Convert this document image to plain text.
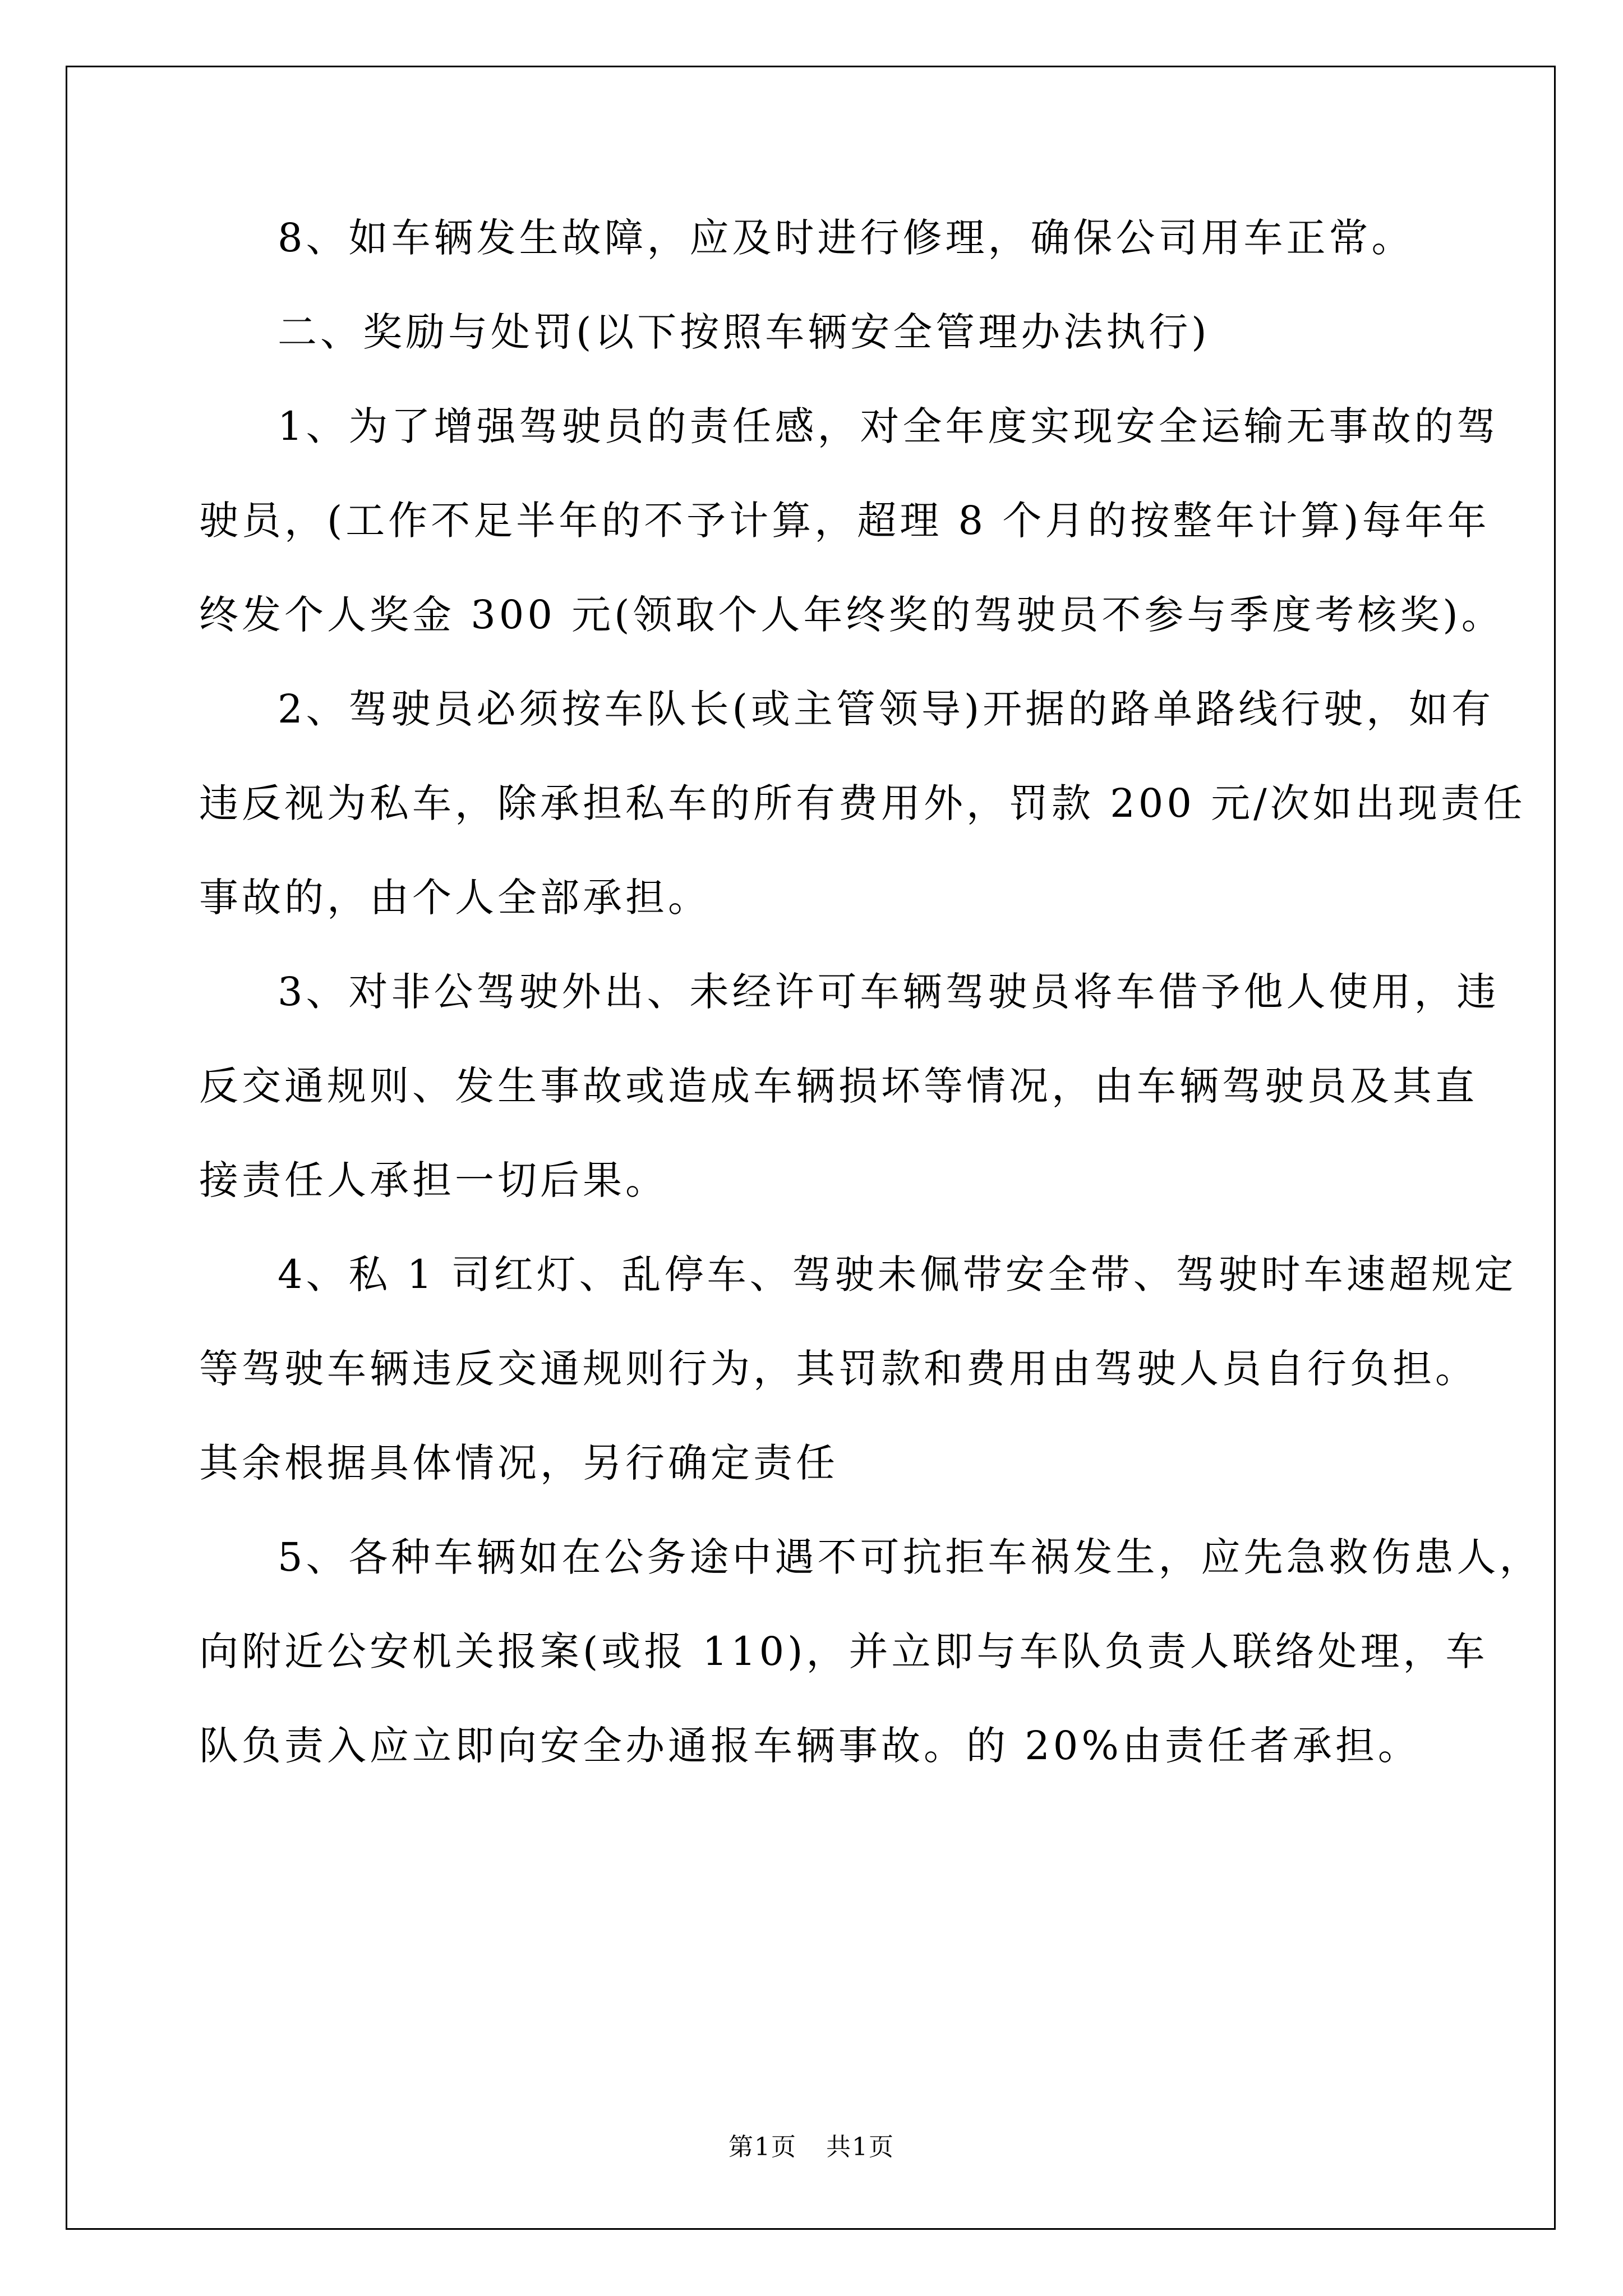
8、如车辆发生故障，应及时进行修理，确保公司用车正常。

二、奖励与处罚(以下按照车辆安全管理办法执行)

1、为了增强驾驶员的责任感，对全年度实现安全运输无事故的驾
驶员，(工作不足半年的不予计算，超理 8 个月的按整年计算)每年年
终发个人奖金 300 元(领取个人年终奖的驾驶员不参与季度考核奖)。

2、驾驶员必须按车队长(或主管领导)开据的路单路线行驶，如有
违反视为私车，除承担私车的所有费用外，罚款 200 元/次如出现责任
事故的，由个人全部承担。

3、对非公驾驶外出、未经许可车辆驾驶员将车借予他人使用，违
反交通规则、发生事故或造成车辆损坏等情况，由车辆驾驶员及其直
接责任人承担一切后果。

4、私 1 司红灯、乱停车、驾驶未佩带安全带、驾驶时车速超规定
等驾驶车辆违反交通规则行为，其罚款和费用由驾驶人员自行负担。
其余根据具体情况，另行确定责任

5、各种车辆如在公务途中遇不可抗拒车祸发生，应先急救伤患人，
向附近公安机关报案(或报 110)，并立即与车队负责人联络处理，车
队负责入应立即向安全办通报车辆事故。的 20%由责任者承担。

第1页 共1页
